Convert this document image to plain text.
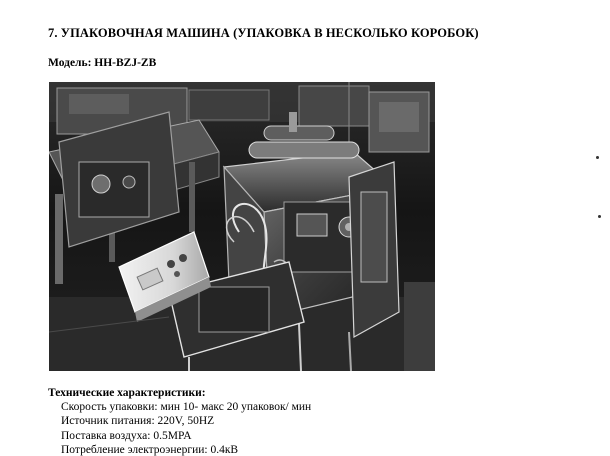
7. УПАКОВОЧНАЯ МАШИНА (УПАКОВКА В НЕСКОЛЬКО КОРОБОК)
Модель: HH-BZJ-ZB
Технические характеристики:
Скорость упаковки: мин 10- макс 20 упаковок/ мин
Источник питания: 220V, 50HZ
Поставка воздуха: 0.5MPA
Потребление электроэнергии: 0.4кВ
